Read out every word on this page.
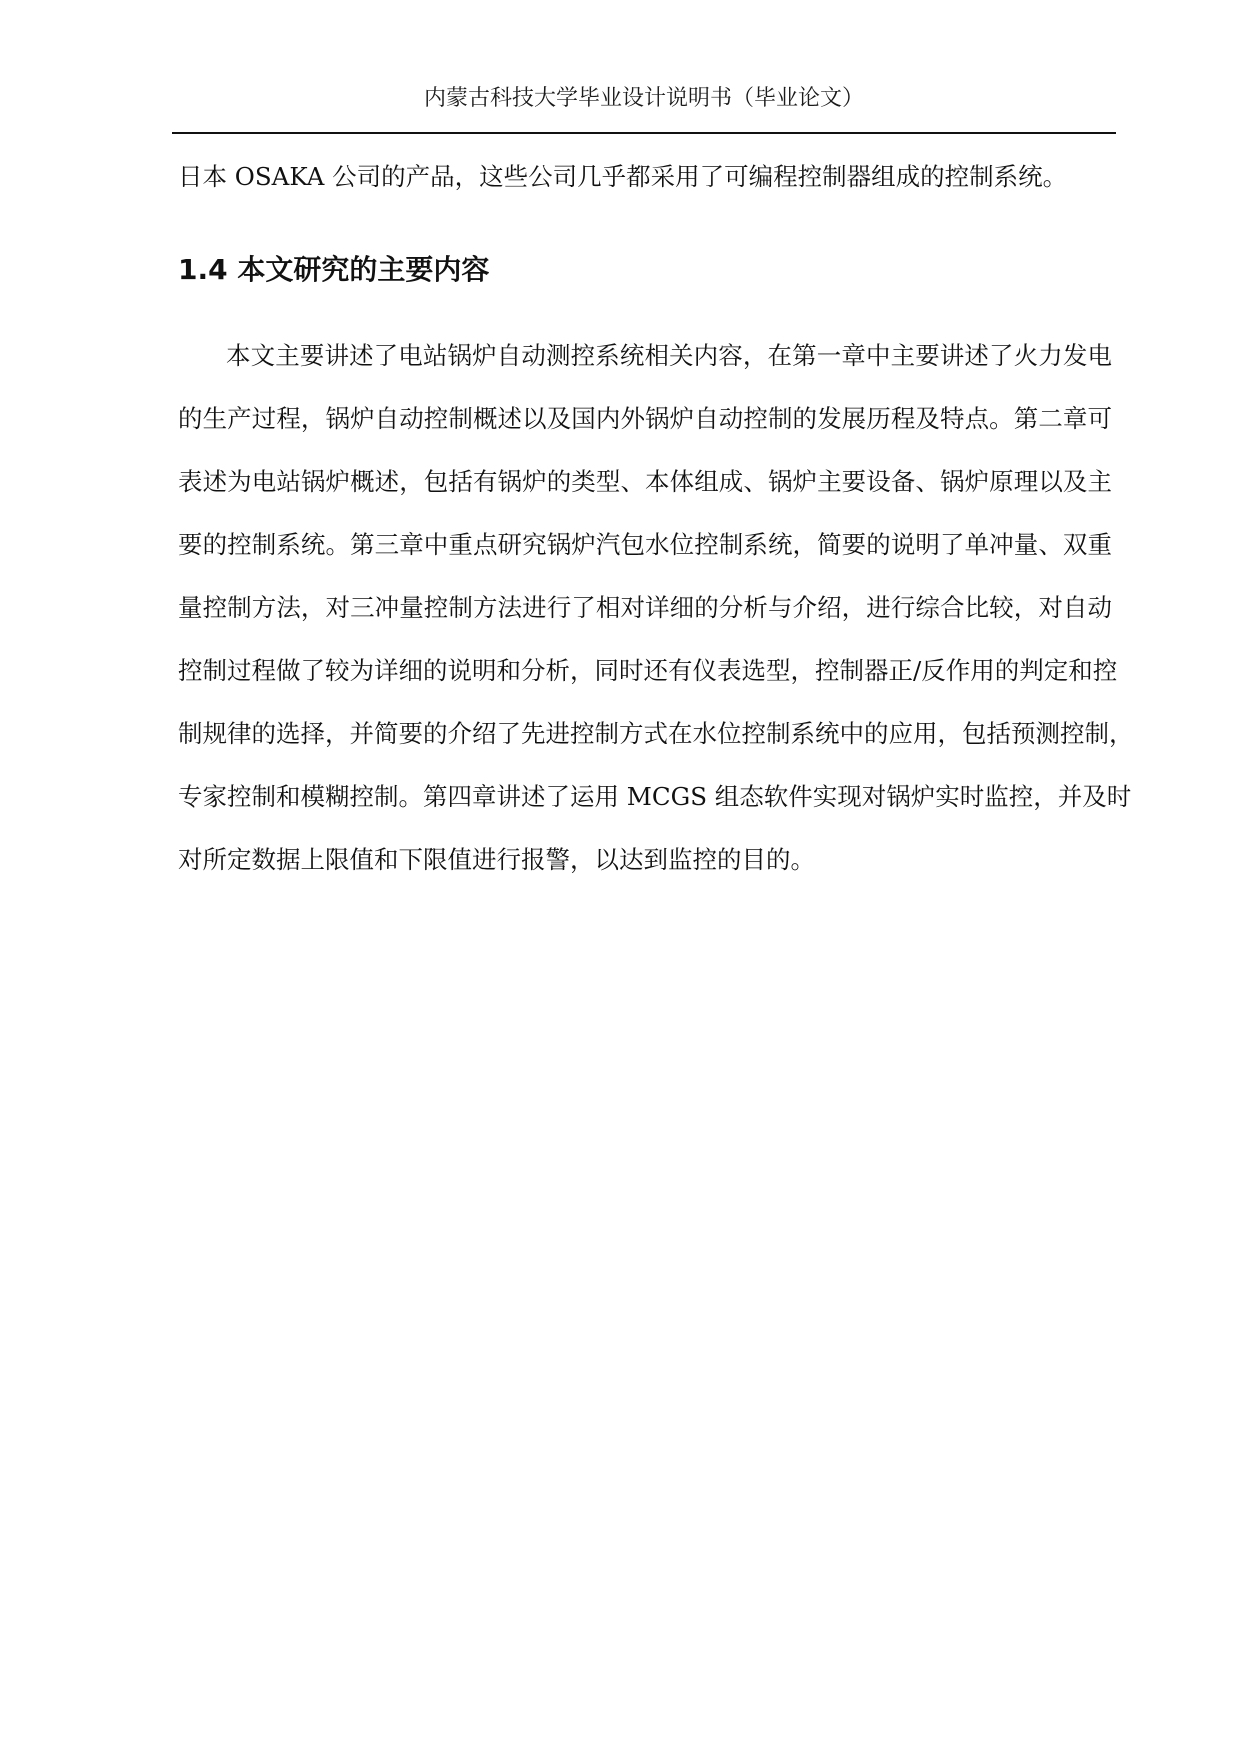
内蒙古科技大学毕业设计说明书（毕业论文）
日本 OSAKA 公司的产品，这些公司几乎都采用了可编程控制器组成的控制系统。
1.4 本文研究的主要内容
本文主要讲述了电站锅炉自动测控系统相关内容，在第一章中主要讲述了火力发电
的生产过程，锅炉自动控制概述以及国内外锅炉自动控制的发展历程及特点。第二章可
表述为电站锅炉概述，包括有锅炉的类型、本体组成、锅炉主要设备、锅炉原理以及主
要的控制系统。第三章中重点研究锅炉汽包水位控制系统，简要的说明了单冲量、双重
量控制方法，对三冲量控制方法进行了相对详细的分析与介绍，进行综合比较，对自动
控制过程做了较为详细的说明和分析，同时还有仪表选型，控制器正/反作用的判定和控
制规律的选择，并简要的介绍了先进控制方式在水位控制系统中的应用，包括预测控制，
专家控制和模糊控制。第四章讲述了运用 MCGS 组态软件实现对锅炉实时监控，并及时
对所定数据上限值和下限值进行报警，以达到监控的目的。
